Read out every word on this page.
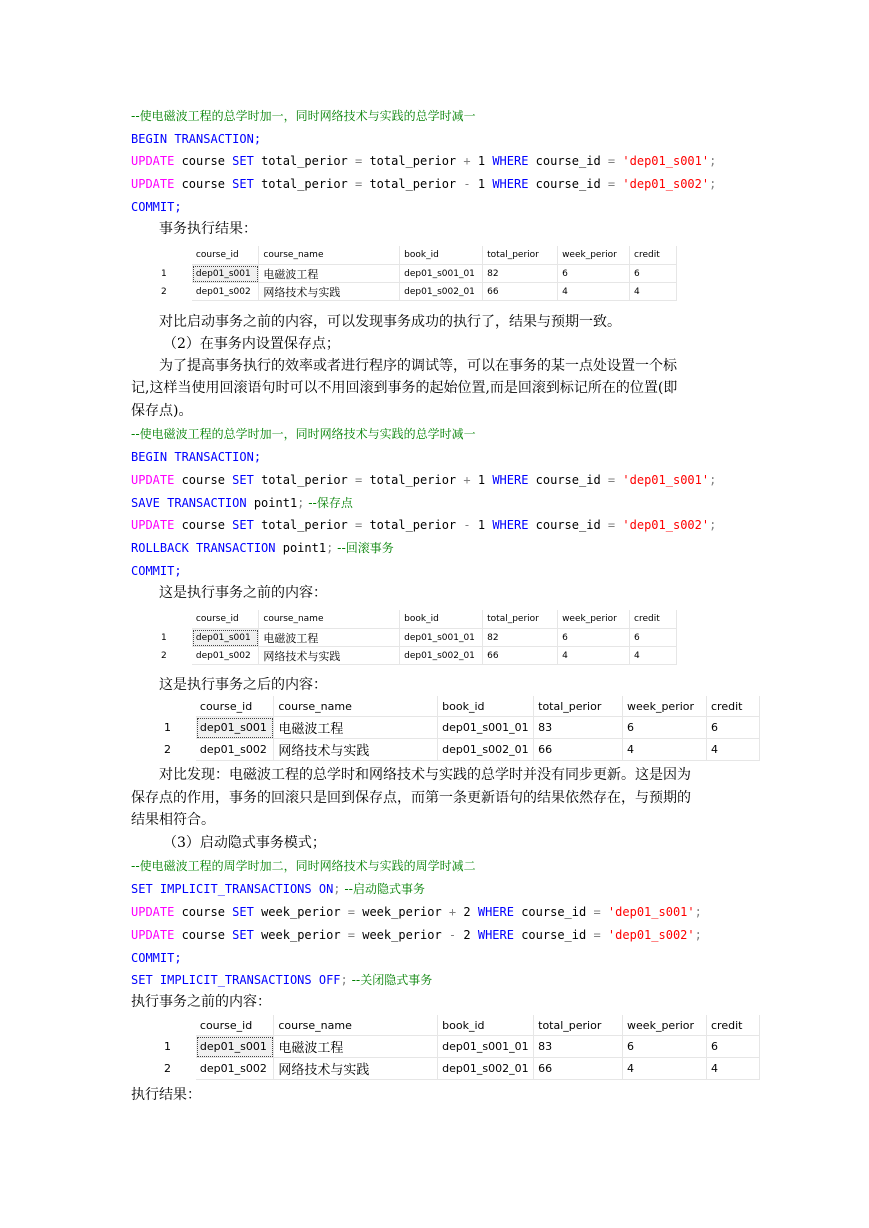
--使电磁波工程的总学时加一，同时网络技术与实践的总学时减一
BEGIN TRANSACTION;
UPDATE course SET total_perior = total_perior + 1 WHERE course_id = 'dep01_s001';
UPDATE course SET total_perior = total_perior - 1 WHERE course_id = 'dep01_s002';
COMMIT;
事务执行结果：
	course_id	course_name	book_id	total_perior	week_perior	credit
1	dep01_s001	电磁波工程	dep01_s001_01	82	6	6
2	dep01_s002	网络技术与实践	dep01_s002_01	66	4	4
对比启动事务之前的内容，可以发现事务成功的执行了，结果与预期一致。
（2）在事务内设置保存点；
为了提高事务执行的效率或者进行程序的调试等，可以在事务的某一点处设置一个标
记,这样当使用回滚语句时可以不用回滚到事务的起始位置,而是回滚到标记所在的位置(即
保存点)。
--使电磁波工程的总学时加一，同时网络技术与实践的总学时减一
BEGIN TRANSACTION;
UPDATE course SET total_perior = total_perior + 1 WHERE course_id = 'dep01_s001';
SAVE TRANSACTION point1; --保存点
UPDATE course SET total_perior = total_perior - 1 WHERE course_id = 'dep01_s002';
ROLLBACK TRANSACTION point1; --回滚事务
COMMIT;
这是执行事务之前的内容：
	course_id	course_name	book_id	total_perior	week_perior	credit
1	dep01_s001	电磁波工程	dep01_s001_01	82	6	6
2	dep01_s002	网络技术与实践	dep01_s002_01	66	4	4
这是执行事务之后的内容：
	course_id	course_name	book_id	total_perior	week_perior	credit
1	dep01_s001	电磁波工程	dep01_s001_01	83	6	6
2	dep01_s002	网络技术与实践	dep01_s002_01	66	4	4
对比发现：电磁波工程的总学时和网络技术与实践的总学时并没有同步更新。这是因为
保存点的作用，事务的回滚只是回到保存点，而第一条更新语句的结果依然存在，与预期的
结果相符合。
（3）启动隐式事务模式；
--使电磁波工程的周学时加二，同时网络技术与实践的周学时减二
SET IMPLICIT_TRANSACTIONS ON; --启动隐式事务
UPDATE course SET week_perior = week_perior + 2 WHERE course_id = 'dep01_s001';
UPDATE course SET week_perior = week_perior - 2 WHERE course_id = 'dep01_s002';
COMMIT;
SET IMPLICIT_TRANSACTIONS OFF; --关闭隐式事务
执行事务之前的内容：
	course_id	course_name	book_id	total_perior	week_perior	credit
1	dep01_s001	电磁波工程	dep01_s001_01	83	6	6
2	dep01_s002	网络技术与实践	dep01_s002_01	66	4	4
执行结果：
